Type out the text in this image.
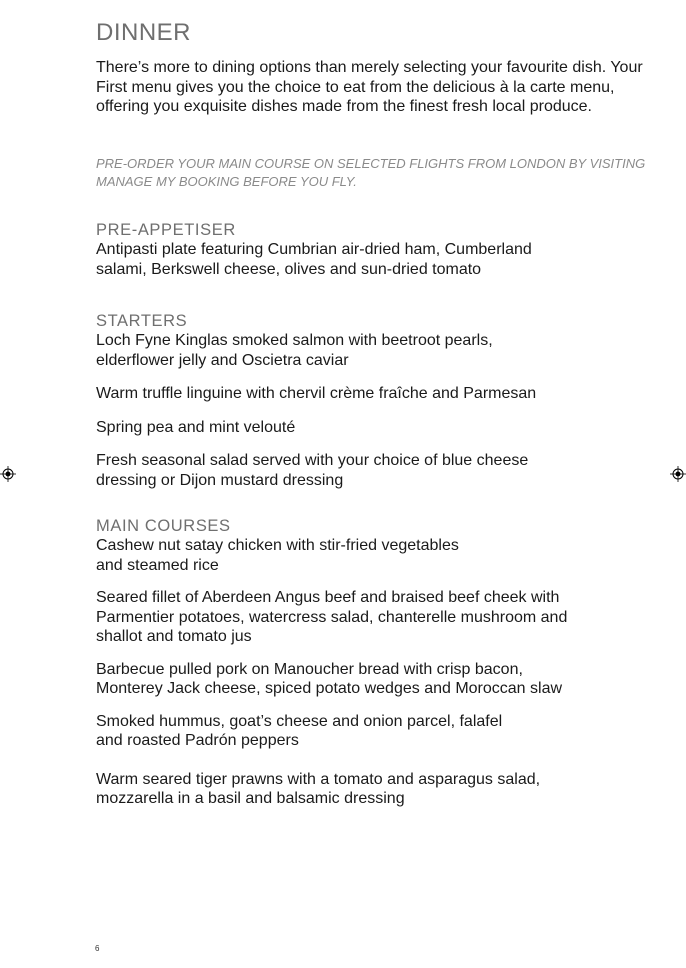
DINNER

There’s more to dining options than merely selecting your favourite dish. Your First menu gives you the choice to eat from the delicious à la carte menu, offering you exquisite dishes made from the finest fresh local produce.

PRE-ORDER YOUR MAIN COURSE ON SELECTED FLIGHTS FROM LONDON BY VISITING MANAGE MY BOOKING BEFORE YOU FLY.

PRE-APPETISER

Antipasti plate featuring Cumbrian air-dried ham, Cumberland salami, Berkswell cheese, olives and sun-dried tomato

STARTERS

Loch Fyne Kinglas smoked salmon with beetroot pearls, elderflower jelly and Oscietra caviar

Warm truffle linguine with chervil crème fraîche and Parmesan

Spring pea and mint velouté

Fresh seasonal salad served with your choice of blue cheese dressing or Dijon mustard dressing

MAIN COURSES

Cashew nut satay chicken with stir-fried vegetables and steamed rice

Seared fillet of Aberdeen Angus beef and braised beef cheek with Parmentier potatoes, watercress salad, chanterelle mushroom and shallot and tomato jus

Barbecue pulled pork on Manoucher bread with crisp bacon, Monterey Jack cheese, spiced potato wedges and Moroccan slaw

Smoked hummus, goat’s cheese and onion parcel, falafel and roasted Padrón peppers

Warm seared tiger prawns with a tomato and asparagus salad, mozzarella in a basil and balsamic dressing

6
